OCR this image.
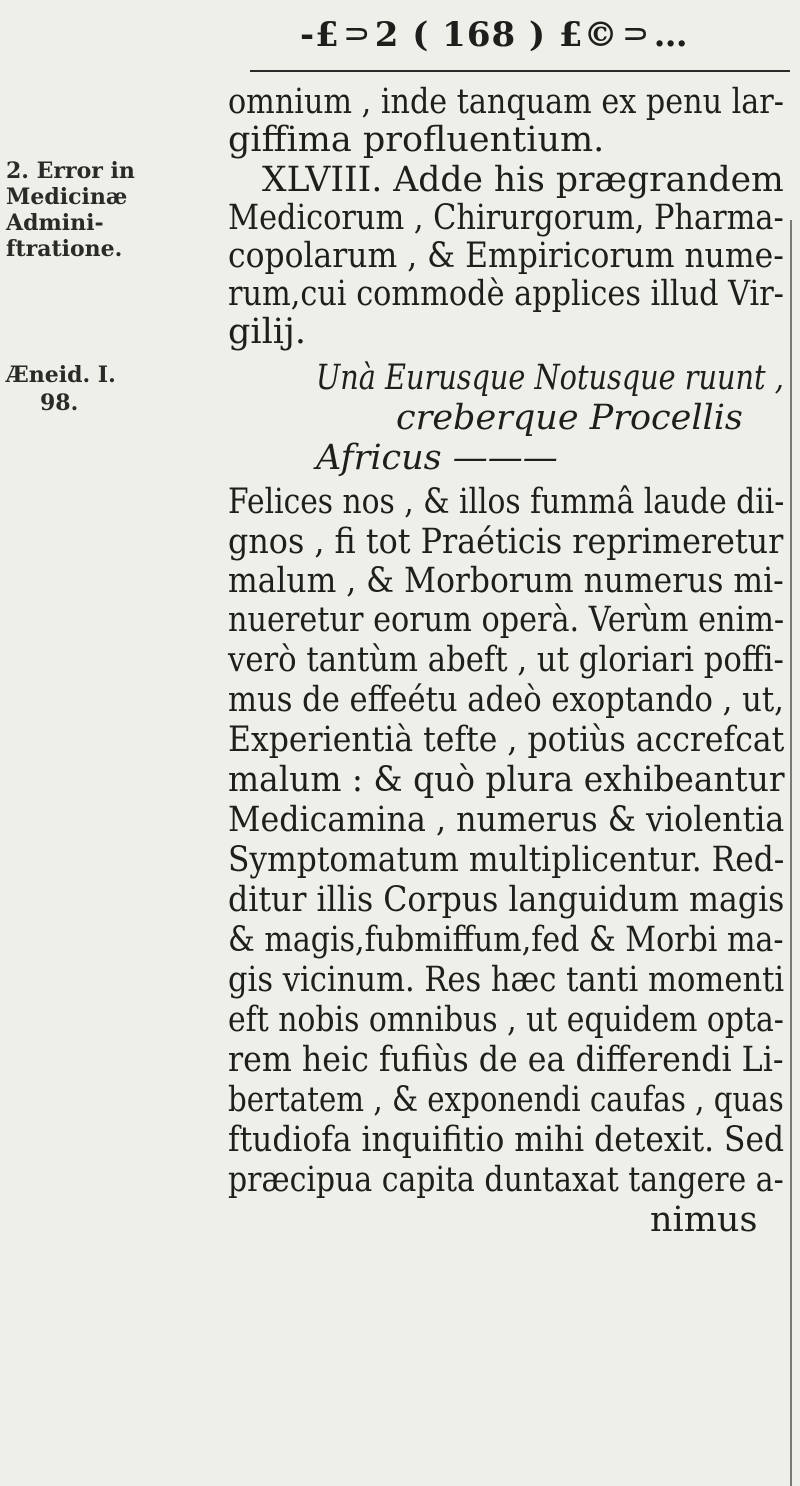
-£⸧2 ( 168 ) £©⸧…
2. Error in
Medicinæ
Admini-
ftratione.
Æneid. I.
98.
omnium , inde tanquam ex penu lar-
giffima profluentium.
XLVIII. Adde his prægrandem
Medicorum , Chirurgorum, Pharma-
copolarum , & Empiricorum nume-
rum,cui commodè applices illud Vir-
gilij.
Unà Eurusque Notusque ruunt ,
creberque Procellis
Africus ———
Felices nos , & illos fummâ laude dii-
gnos , fi tot Praéticis reprimeretur
malum , & Morborum numerus mi-
nueretur eorum operà. Verùm enim-
verò tantùm abeft , ut gloriari poffi-
mus de effeétu adeò exoptando , ut,
Experientià tefte , potiùs accrefcat
malum : & quò plura exhibeantur
Medicamina , numerus & violentia
Symptomatum multiplicentur. Red-
ditur illis Corpus languidum magis
& magis,fubmiffum,fed & Morbi ma-
gis vicinum. Res hæc tanti momenti
eft nobis omnibus , ut equidem opta-
rem heic fufiùs de ea differendi Li-
bertatem , & exponendi caufas , quas
ftudiofa inquifitio mihi detexit. Sed
præcipua capita duntaxat tangere a-
nimus
